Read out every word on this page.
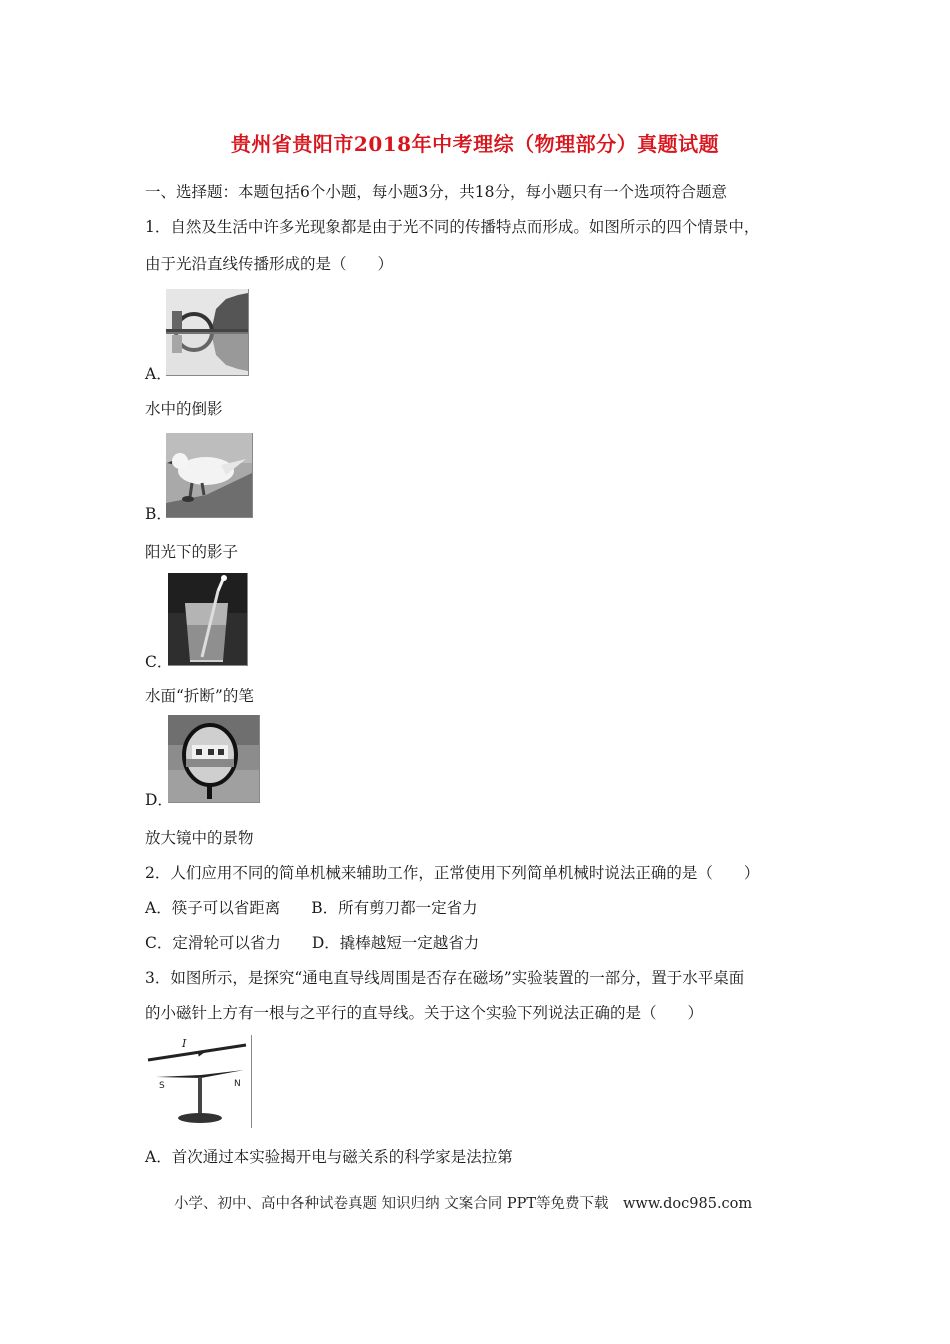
贵州省贵阳市2018年中考理综（物理部分）真题试题
一、选择题：本题包括6个小题，每小题3分，共18分，每小题只有一个选项符合题意
1．自然及生活中许多光现象都是由于光不同的传播特点而形成。如图所示的四个情景中，
由于光沿直线传播形成的是（　　）
A．
水中的倒影
B．
阳光下的影子
C．
水面“折断”的笔
D．
放大镜中的景物
2．人们应用不同的简单机械来辅助工作，正常使用下列简单机械时说法正确的是（　　）
A．筷子可以省距离　　B．所有剪刀都一定省力
C．定滑轮可以省力　　D．撬棒越短一定越省力
3．如图所示，是探究“通电直导线周围是否存在磁场”实验装置的一部分，置于水平桌面
的小磁针上方有一根与之平行的直导线。关于这个实验下列说法正确的是（　　）
I
S	N
A．首次通过本实验揭开电与磁关系的科学家是法拉第
小学、初中、高中各种试卷真题 知识归纳 文案合同 PPT等免费下载　www.doc985.com
